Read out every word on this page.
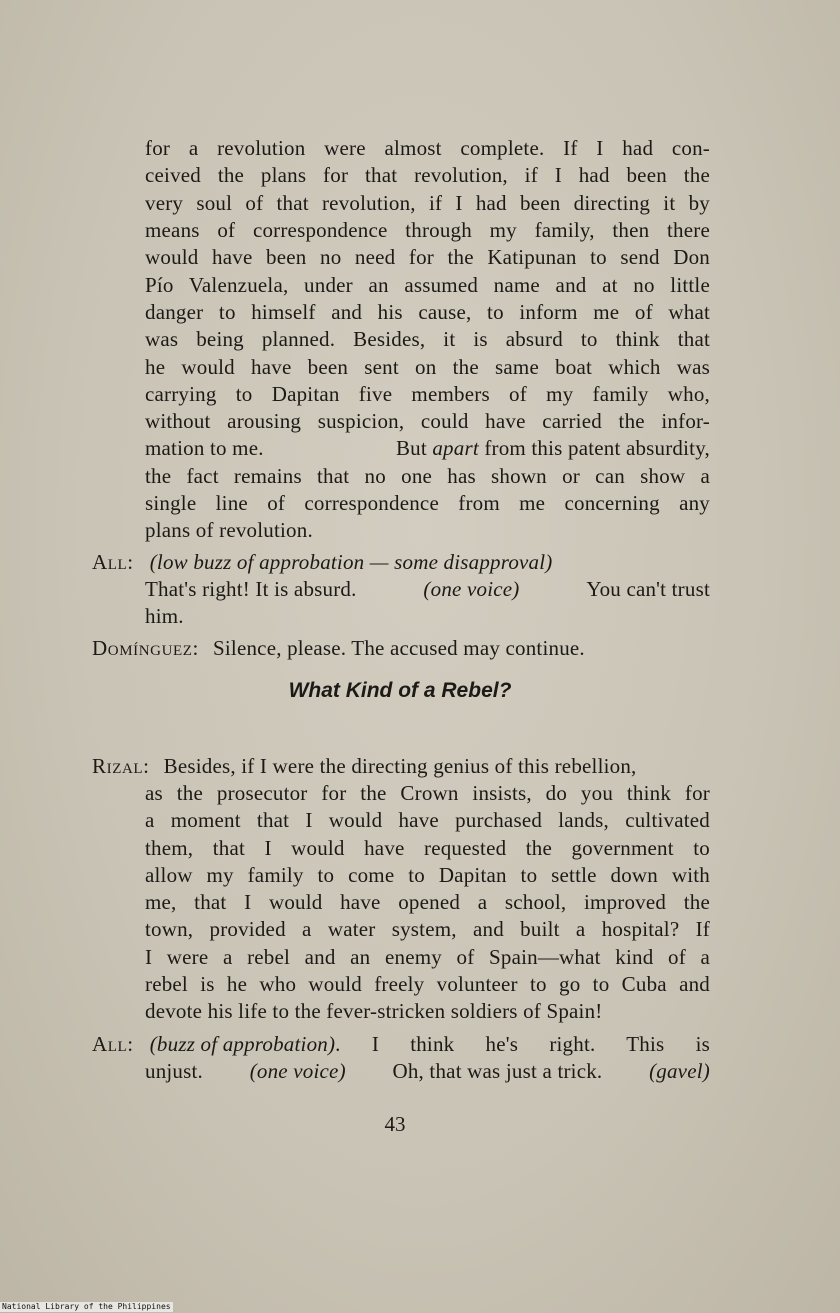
for a revolution were almost complete. If I had con-
ceived the plans for that revolution, if I had been the
very soul of that revolution, if I had been directing it by
means of correspondence through my family, then there
would have been no need for the Katipunan to send Don
Pío Valenzuela, under an assumed name and at no little
danger to himself and his cause, to inform me of what
was being planned. Besides, it is absurd to think that
he would have been sent on the same boat which was
carrying to Dapitan five members of my family who,
without arousing suspicion, could have carried the infor-
mation to me.	But apart from this patent absurdity,
the fact remains that no one has shown or can show a
single line of correspondence from me concerning any
plans of revolution.
All: (low buzz of approbation — some disapproval)
That's right! It is absurd.	(one voice)	You can't trust
him.
Domínguez: Silence, please. The accused may continue.
What Kind of a Rebel?
Rizal: Besides, if I were the directing genius of this rebellion,
as the prosecutor for the Crown insists, do you think for
a moment that I would have purchased lands, cultivated
them, that I would have requested the government to
allow my family to come to Dapitan to settle down with
me, that I would have opened a school, improved the
town, provided a water system, and built a hospital? If
I were a rebel and an enemy of Spain—what kind of a
rebel is he who would freely volunteer to go to Cuba and
devote his life to the fever-stricken soldiers of Spain!
All: (buzz of approbation) . I think he's right. This is
unjust. (one voice) Oh, that was just a trick. (gavel)
43
National Library of the Philippines
